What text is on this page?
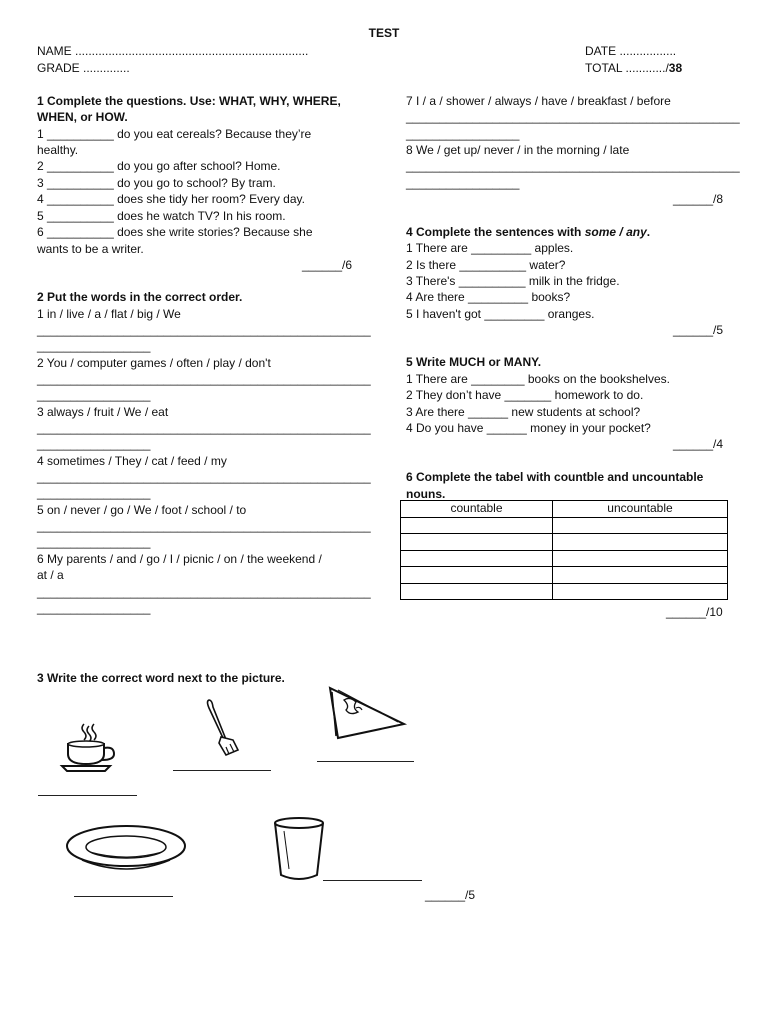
TEST
NAME ......................................................................
GRADE ..............
DATE .................
TOTAL ............/38
1 Complete the questions. Use: WHAT, WHY, WHERE,
WHEN, or HOW.
1 __________ do you eat cereals? Because they’re
healthy.
2 __________ do you go after school? Home.
3 __________ do you go to school? By tram.
4 __________ does she tidy her room? Every day.
5 __________ does he watch TV? In his room.
6 __________ does she write stories? Because she
wants to be a writer.
______/6
2 Put the words in the correct order.
1 in / live / a / flat / big / We
__________________________________________________
_________________
2 You / computer games / often / play / don't
__________________________________________________
_________________
3 always / fruit / We / eat
__________________________________________________
_________________
4 sometimes / They / cat / feed / my
__________________________________________________
_________________
5 on / never / go / We / foot / school / to
__________________________________________________
_________________
6 My parents / and / go / I / picnic / on / the weekend /
at / a
__________________________________________________
_________________
7 I / a / shower / always / have / breakfast / before
__________________________________________________
_________________
8 We / get up/ never / in the morning / late
__________________________________________________
_________________
______/8
4 Complete the sentences with some / any.
1 There are _________ apples.
2 Is there __________ water?
3 There's __________ milk in the fridge.
4 Are there _________ books?
5 I haven't got _________ oranges.
______/5
5 Write MUCH or MANY.
1 There are ________ books on the bookshelves.
2 They don’t have _______ homework to do.
3 Are there ______ new students at school?
4 Do you have ______ money in your pocket?
______/4
6 Complete the tabel with countble and uncountable
nouns.
countable	uncountable

______/10
3 Write the correct word next to the picture.
______/5
